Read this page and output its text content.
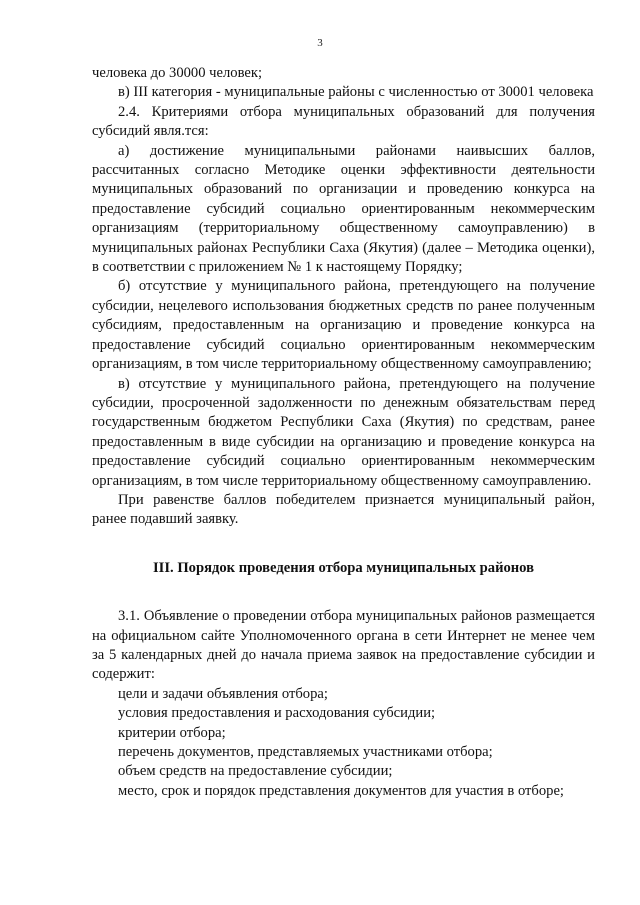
3

человека до 30000 человек;

в) III категория - муниципальные районы с численностью от 30001 человека

2.4. Критериями отбора муниципальных образований для получения субсидий явля.тся:

а) достижение муниципальными районами наивысших баллов, рассчитанных согласно Методике оценки эффективности деятельности муниципальных образований по организации и проведению конкурса на предоставление субсидий социально ориентированным некоммерческим организациям (территориальному общественному самоуправлению) в муниципальных районах Республики Саха (Якутия) (далее – Методика оценки), в соответствии с приложением № 1 к настоящему Порядку;

б) отсутствие у муниципального района, претендующего на получение субсидии, нецелевого использования бюджетных средств по ранее полученным субсидиям, предоставленным на организацию и проведение конкурса на предоставление субсидий социально ориентированным некоммерческим организациям, в том числе территориальному общественному самоуправлению;

в) отсутствие у муниципального района, претендующего на получение субсидии, просроченной задолженности по денежным обязательствам перед государственным бюджетом Республики Саха (Якутия) по средствам, ранее предоставленным в виде субсидии на организацию и проведение конкурса на предоставление субсидий социально ориентированным некоммерческим организациям, в том числе территориальному общественному самоуправлению.

При равенстве баллов победителем признается муниципальный район, ранее подавший заявку.

III. Порядок проведения отбора муниципальных районов

3.1. Объявление о проведении отбора муниципальных районов размещается на официальном сайте Уполномоченного органа в сети Интернет не менее чем за 5 календарных дней до начала приема заявок на предоставление субсидии и содержит:

цели и задачи объявления отбора;

условия предоставления и расходования субсидии;

критерии отбора;

перечень документов, представляемых участниками отбора;

объем средств на предоставление субсидии;

место, срок и порядок представления документов для участия в отборе;
